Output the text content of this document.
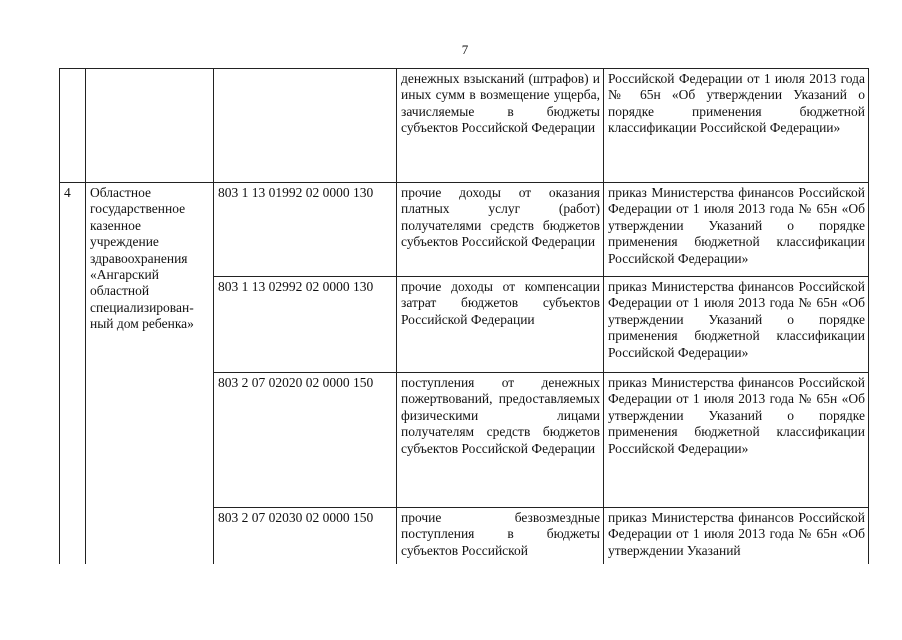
7
			денежных взысканий (штрафов) и иных сумм в возмещение ущерба, зачисляемые в бюджеты субъектов Российской Федерации	Российской Федерации от 1 июля 2013 года № 65н «Об утверждении Указаний о порядке применения бюджетной классификации Российской Федерации»
4	Областное государственное казенное учреждение здравоохранения «Ангарский областной специализирован-ный дом ребенка»	803 1 13 01992 02 0000 130	прочие доходы от оказания платных услуг (работ) получателями средств бюджетов субъектов Российской Федерации	приказ Министерства финансов Российской Федерации от 1 июля 2013 года № 65н «Об утверждении Указаний о порядке применения бюджетной классификации Российской Федерации»
		803 1 13 02992 02 0000 130	прочие доходы от компенсации затрат бюджетов субъектов Российской Федерации	приказ Министерства финансов Российской Федерации от 1 июля 2013 года № 65н «Об утверждении Указаний о порядке применения бюджетной классификации Российской Федерации»
		803 2 07 02020 02 0000 150	поступления от денежных пожертвований, предоставляемых физическими лицами получателям средств бюджетов субъектов Российской Федерации	приказ Министерства финансов Российской Федерации от 1 июля 2013 года № 65н «Об утверждении Указаний о порядке применения бюджетной классификации Российской Федерации»
		803 2 07 02030 02 0000 150	прочие безвозмездные поступления в бюджеты субъектов Российской	приказ Министерства финансов Российской Федерации от 1 июля 2013 года № 65н «Об утверждении Указаний
